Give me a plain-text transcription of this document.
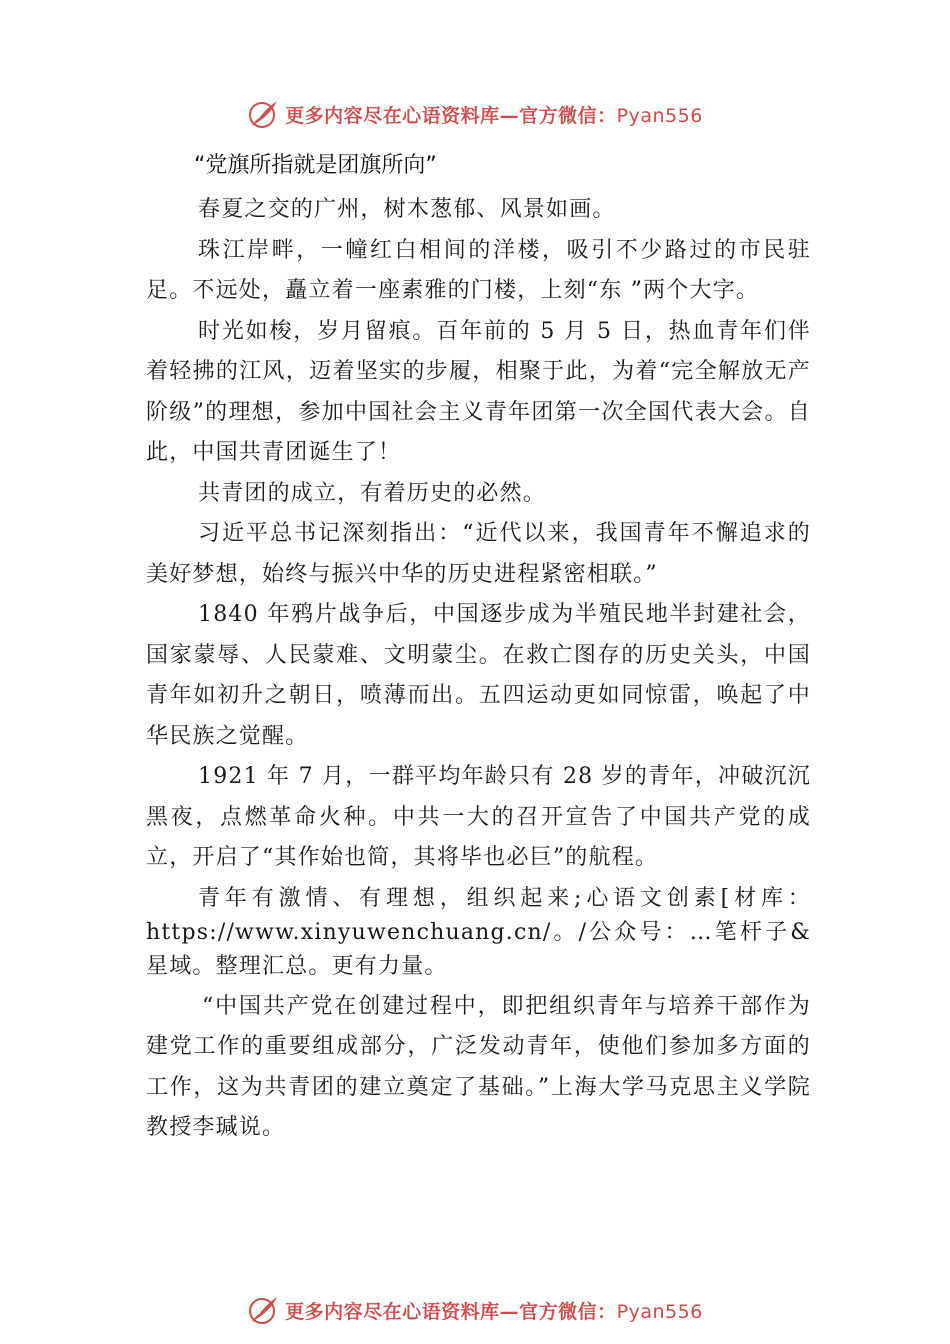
更多内容尽在心语资料库—官方微信：Pyan556
“党旗所指就是团旗所向”

春夏之交的广州，树木葱郁、风景如画。

珠江岸畔，一幢红白相间的洋楼，吸引不少路过的市民驻足。不远处，矗立着一座素雅的门楼，上刻“东 ”两个大字。

时光如梭，岁月留痕。百年前的 5 月 5 日，热血青年们伴着轻拂的江风，迈着坚实的步履，相聚于此，为着“完全解放无产阶级”的理想，参加中国社会主义青年团第一次全国代表大会。自此，中国共青团诞生了！

共青团的成立，有着历史的必然。

习近平总书记深刻指出：“近代以来，我国青年不懈追求的美好梦想，始终与振兴中华的历史进程紧密相联。”

1840 年鸦片战争后，中国逐步成为半殖民地半封建社会，国家蒙辱、人民蒙难、文明蒙尘。在救亡图存的历史关头，中国青年如初升之朝日，喷薄而出。五四运动更如同惊雷，唤起了中华民族之觉醒。

1921 年 7 月，一群平均年龄只有 28 岁的青年，冲破沉沉黑夜，点燃革命火种。中共一大的召开宣告了中国共产党的成立，开启了“其作始也简，其将毕也必巨”的航程。

青年有激情、有理想，组织起来;心语文创素[材库：https://www.xinyuwenchuang.cn/。/公众号：…笔杆子&星域。整理汇总。更有力量。

“中国共产党在创建过程中，即把组织青年与培养干部作为建党工作的重要组成部分，广泛发动青年，使他们参加多方面的工作，这为共青团的建立奠定了基础。”上海大学马克思主义学院教授李瑊说。

更多内容尽在心语资料库—官方微信：Pyan556
